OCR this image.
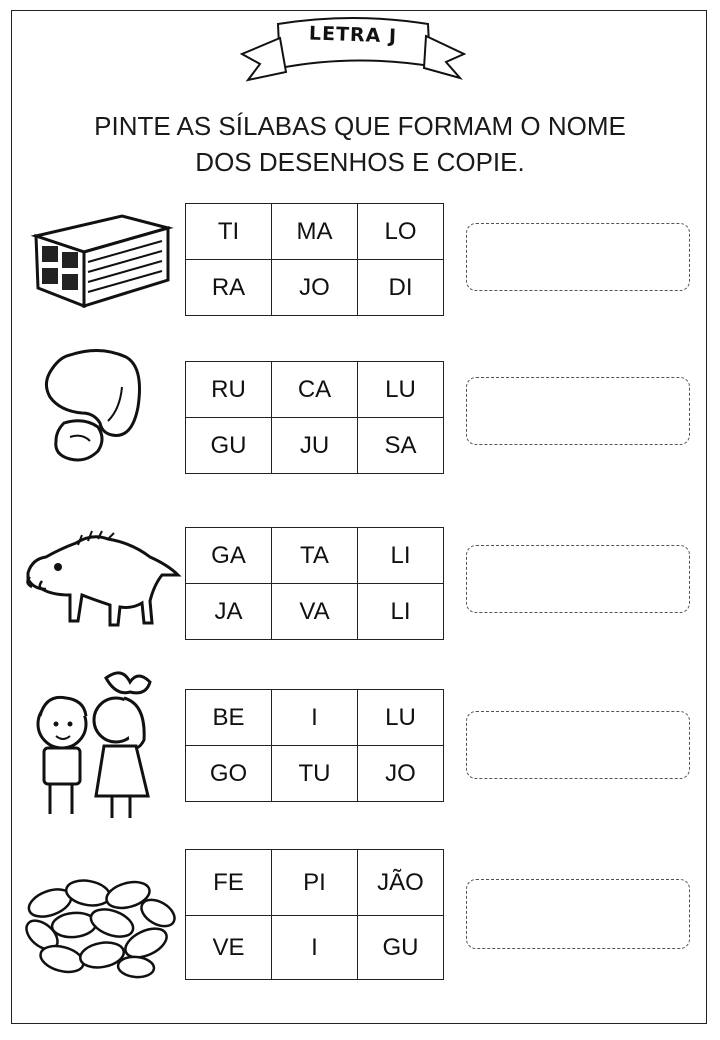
LETRA J
PINTE AS SÍLABAS QUE FORMAM O NOME
DOS DESENHOS E COPIE.
TI	MA	LO
RA	JO	DI
RU	CA	LU
GU	JU	SA
GA	TA	LI
JA	VA	LI
BE	I	LU
GO	TU	JO
FE	PI	JÃO
VE	I	GU
